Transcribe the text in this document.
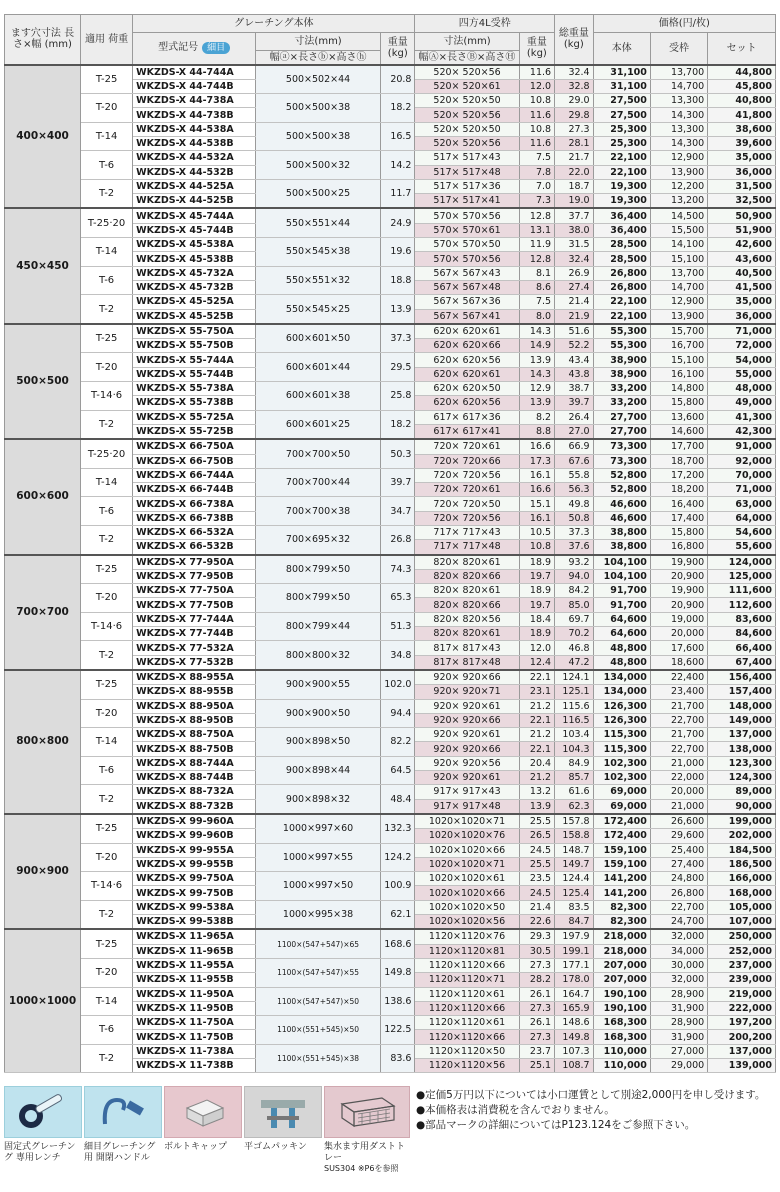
ます穴寸法 長さ×幅 (mm)	適用 荷重	グレーチング本体			四方4L受枠		総重量 (kg)	価格(円/枚)		
		型式記号 細目	寸法(mm)	重量 (kg)	寸法(mm)	重量 (kg)		本体	受枠	セット
			幅ⓐ×長さⓑ×高さⓗ		幅Ⓐ×長さⒷ×高さⒽ					
400×400	T-25	WKZDS-X 44-744A	500×502×44	20.8	520× 520×56	11.6	32.4	31,100	13,700	44,800
		WKZDS-X 44-744B			520× 520×61	12.0	32.8	31,100	14,700	45,800
	T-20	WKZDS-X 44-738A	500×500×38	18.2	520× 520×50	10.8	29.0	27,500	13,300	40,800
		WKZDS-X 44-738B			520× 520×56	11.6	29.8	27,500	14,300	41,800
	T-14	WKZDS-X 44-538A	500×500×38	16.5	520× 520×50	10.8	27.3	25,300	13,300	38,600
		WKZDS-X 44-538B			520× 520×56	11.6	28.1	25,300	14,300	39,600
	T-6	WKZDS-X 44-532A	500×500×32	14.2	517× 517×43	7.5	21.7	22,100	12,900	35,000
		WKZDS-X 44-532B			517× 517×48	7.8	22.0	22,100	13,900	36,000
	T-2	WKZDS-X 44-525A	500×500×25	11.7	517× 517×36	7.0	18.7	19,300	12,200	31,500
		WKZDS-X 44-525B			517× 517×41	7.3	19.0	19,300	13,200	32,500
450×450	T-25·20	WKZDS-X 45-744A	550×551×44	24.9	570× 570×56	12.8	37.7	36,400	14,500	50,900
		WKZDS-X 45-744B			570× 570×61	13.1	38.0	36,400	15,500	51,900
	T-14	WKZDS-X 45-538A	550×545×38	19.6	570× 570×50	11.9	31.5	28,500	14,100	42,600
		WKZDS-X 45-538B			570× 570×56	12.8	32.4	28,500	15,100	43,600
	T-6	WKZDS-X 45-732A	550×551×32	18.8	567× 567×43	8.1	26.9	26,800	13,700	40,500
		WKZDS-X 45-732B			567× 567×48	8.6	27.4	26,800	14,700	41,500
	T-2	WKZDS-X 45-525A	550×545×25	13.9	567× 567×36	7.5	21.4	22,100	12,900	35,000
		WKZDS-X 45-525B			567× 567×41	8.0	21.9	22,100	13,900	36,000
500×500	T-25	WKZDS-X 55-750A	600×601×50	37.3	620× 620×61	14.3	51.6	55,300	15,700	71,000
		WKZDS-X 55-750B			620× 620×66	14.9	52.2	55,300	16,700	72,000
	T-20	WKZDS-X 55-744A	600×601×44	29.5	620× 620×56	13.9	43.4	38,900	15,100	54,000
		WKZDS-X 55-744B			620× 620×61	14.3	43.8	38,900	16,100	55,000
	T-14·6	WKZDS-X 55-738A	600×601×38	25.8	620× 620×50	12.9	38.7	33,200	14,800	48,000
		WKZDS-X 55-738B			620× 620×56	13.9	39.7	33,200	15,800	49,000
	T-2	WKZDS-X 55-725A	600×601×25	18.2	617× 617×36	8.2	26.4	27,700	13,600	41,300
		WKZDS-X 55-725B			617× 617×41	8.8	27.0	27,700	14,600	42,300
600×600	T-25·20	WKZDS-X 66-750A	700×700×50	50.3	720× 720×61	16.6	66.9	73,300	17,700	91,000
		WKZDS-X 66-750B			720× 720×66	17.3	67.6	73,300	18,700	92,000
	T-14	WKZDS-X 66-744A	700×700×44	39.7	720× 720×56	16.1	55.8	52,800	17,200	70,000
		WKZDS-X 66-744B			720× 720×61	16.6	56.3	52,800	18,200	71,000
	T-6	WKZDS-X 66-738A	700×700×38	34.7	720× 720×50	15.1	49.8	46,600	16,400	63,000
		WKZDS-X 66-738B			720× 720×56	16.1	50.8	46,600	17,400	64,000
	T-2	WKZDS-X 66-532A	700×695×32	26.8	717× 717×43	10.5	37.3	38,800	15,800	54,600
		WKZDS-X 66-532B			717× 717×48	10.8	37.6	38,800	16,800	55,600
700×700	T-25	WKZDS-X 77-950A	800×799×50	74.3	820× 820×61	18.9	93.2	104,100	19,900	124,000
		WKZDS-X 77-950B			820× 820×66	19.7	94.0	104,100	20,900	125,000
	T-20	WKZDS-X 77-750A	800×799×50	65.3	820× 820×61	18.9	84.2	91,700	19,900	111,600
		WKZDS-X 77-750B			820× 820×66	19.7	85.0	91,700	20,900	112,600
	T-14·6	WKZDS-X 77-744A	800×799×44	51.3	820× 820×56	18.4	69.7	64,600	19,000	83,600
		WKZDS-X 77-744B			820× 820×61	18.9	70.2	64,600	20,000	84,600
	T-2	WKZDS-X 77-532A	800×800×32	34.8	817× 817×43	12.0	46.8	48,800	17,600	66,400
		WKZDS-X 77-532B			817× 817×48	12.4	47.2	48,800	18,600	67,400
800×800	T-25	WKZDS-X 88-955A	900×900×55	102.0	920× 920×66	22.1	124.1	134,000	22,400	156,400
		WKZDS-X 88-955B			920× 920×71	23.1	125.1	134,000	23,400	157,400
	T-20	WKZDS-X 88-950A	900×900×50	94.4	920× 920×61	21.2	115.6	126,300	21,700	148,000
		WKZDS-X 88-950B			920× 920×66	22.1	116.5	126,300	22,700	149,000
	T-14	WKZDS-X 88-750A	900×898×50	82.2	920× 920×61	21.2	103.4	115,300	21,700	137,000
		WKZDS-X 88-750B			920× 920×66	22.1	104.3	115,300	22,700	138,000
	T-6	WKZDS-X 88-744A	900×898×44	64.5	920× 920×56	20.4	84.9	102,300	21,000	123,300
		WKZDS-X 88-744B			920× 920×61	21.2	85.7	102,300	22,000	124,300
	T-2	WKZDS-X 88-732A	900×898×32	48.4	917× 917×43	13.2	61.6	69,000	20,000	89,000
		WKZDS-X 88-732B			917× 917×48	13.9	62.3	69,000	21,000	90,000
900×900	T-25	WKZDS-X 99-960A	1000×997×60	132.3	1020×1020×71	25.5	157.8	172,400	26,600	199,000
		WKZDS-X 99-960B			1020×1020×76	26.5	158.8	172,400	29,600	202,000
	T-20	WKZDS-X 99-955A	1000×997×55	124.2	1020×1020×66	24.5	148.7	159,100	25,400	184,500
		WKZDS-X 99-955B			1020×1020×71	25.5	149.7	159,100	27,400	186,500
	T-14·6	WKZDS-X 99-750A	1000×997×50	100.9	1020×1020×61	23.5	124.4	141,200	24,800	166,000
		WKZDS-X 99-750B			1020×1020×66	24.5	125.4	141,200	26,800	168,000
	T-2	WKZDS-X 99-538A	1000×995×38	62.1	1020×1020×50	21.4	83.5	82,300	22,700	105,000
		WKZDS-X 99-538B			1020×1020×56	22.6	84.7	82,300	24,700	107,000
1000×1000	T-25	WKZDS-X 11-965A	1100×(547+547)×65	168.6	1120×1120×76	29.3	197.9	218,000	32,000	250,000
		WKZDS-X 11-965B			1120×1120×81	30.5	199.1	218,000	34,000	252,000
	T-20	WKZDS-X 11-955A	1100×(547+547)×55	149.8	1120×1120×66	27.3	177.1	207,000	30,000	237,000
		WKZDS-X 11-955B			1120×1120×71	28.2	178.0	207,000	32,000	239,000
	T-14	WKZDS-X 11-950A	1100×(547+547)×50	138.6	1120×1120×61	26.1	164.7	190,100	28,900	219,000
		WKZDS-X 11-950B			1120×1120×66	27.3	165.9	190,100	31,900	222,000
	T-6	WKZDS-X 11-750A	1100×(551+545)×50	122.5	1120×1120×61	26.1	148.6	168,300	28,900	197,200
		WKZDS-X 11-750B			1120×1120×66	27.3	149.8	168,300	31,900	200,200
	T-2	WKZDS-X 11-738A	1100×(551+545)×38	83.6	1120×1120×50	23.7	107.3	110,000	27,000	137,000
		WKZDS-X 11-738B			1120×1120×56	25.1	108.7	110,000	29,000	139,000
固定式グレーチング 専用レンチ
細目グレーチング用 開閉ハンドル
ボルトキャップ	平ゴムパッキン	集水ます用ダストトレー
SUS304 ※P6を参照
●定価5万円以下については小口運賃として別途2,000円を申し受けます。
●本価格表は消費税を含んでおりません。
●部品マークの詳細についてはP123.124をご参照下さい。
